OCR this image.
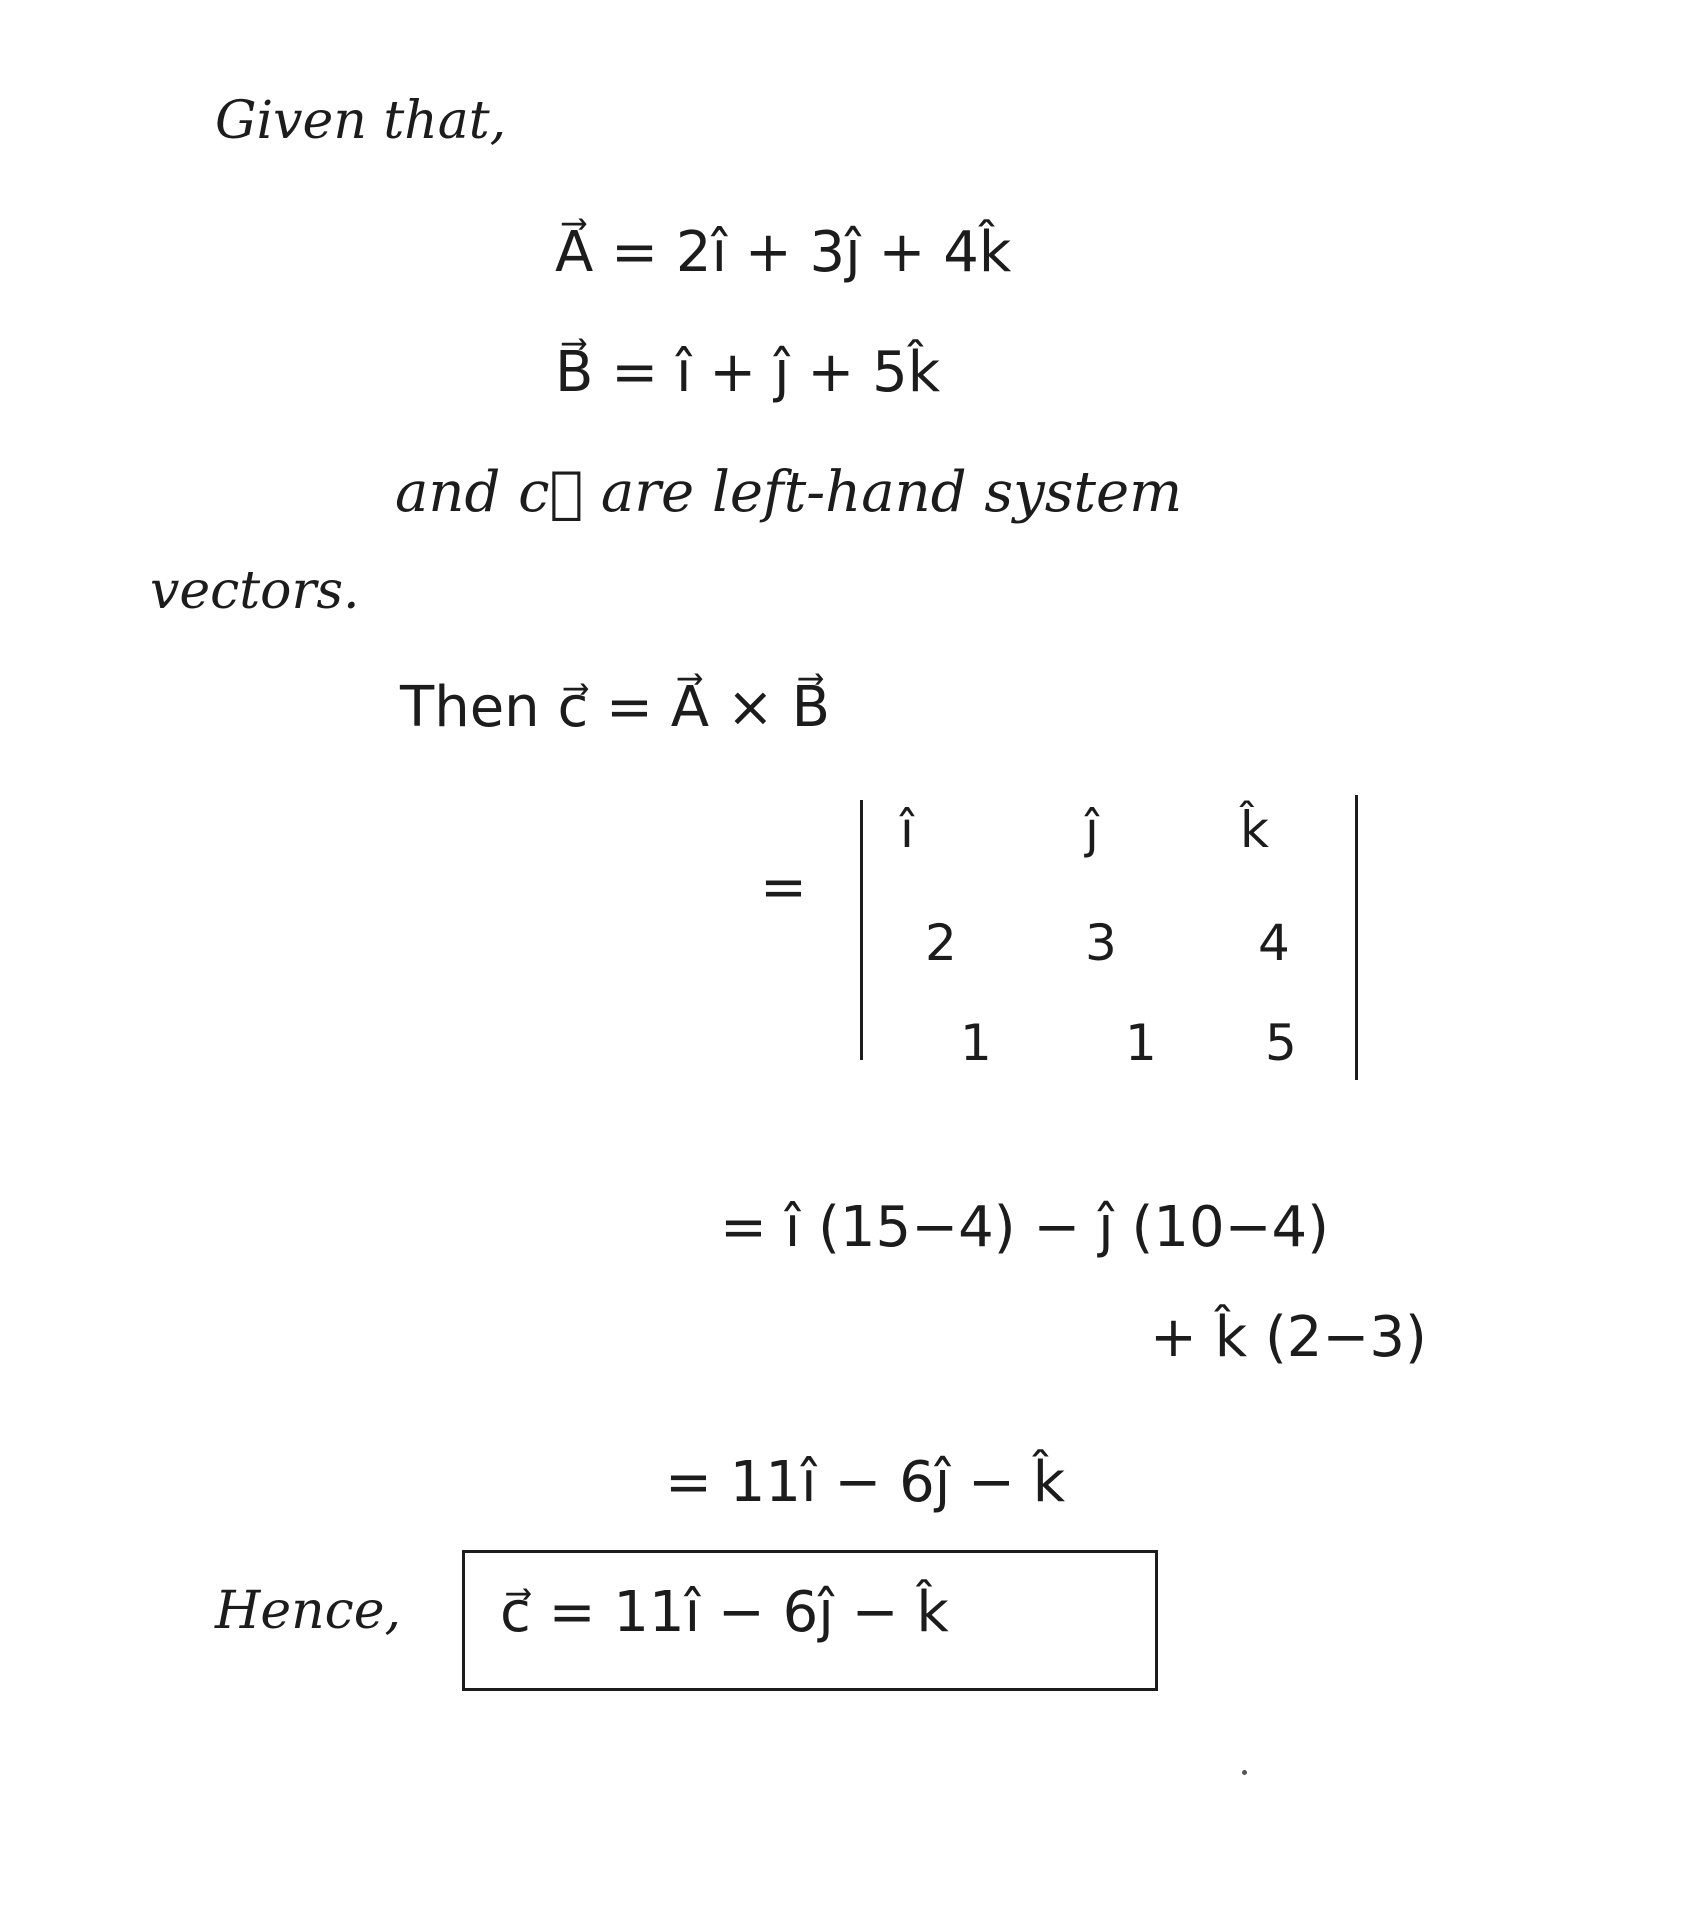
Given that,
A⃗ = 2î + 3ĵ + 4k̂
B⃗ = î + ĵ + 5k̂
and c⃗ are left-hand system
vectors.
Then c⃗ = A⃗ × B⃗
=
î	ĵ	k̂
2	3	4
1	1 5
= î (15−4) − ĵ (10−4)
+ k̂ (2−3)
= 11î − 6ĵ − k̂
Hence, c⃗ = 11î − 6ĵ − k̂
